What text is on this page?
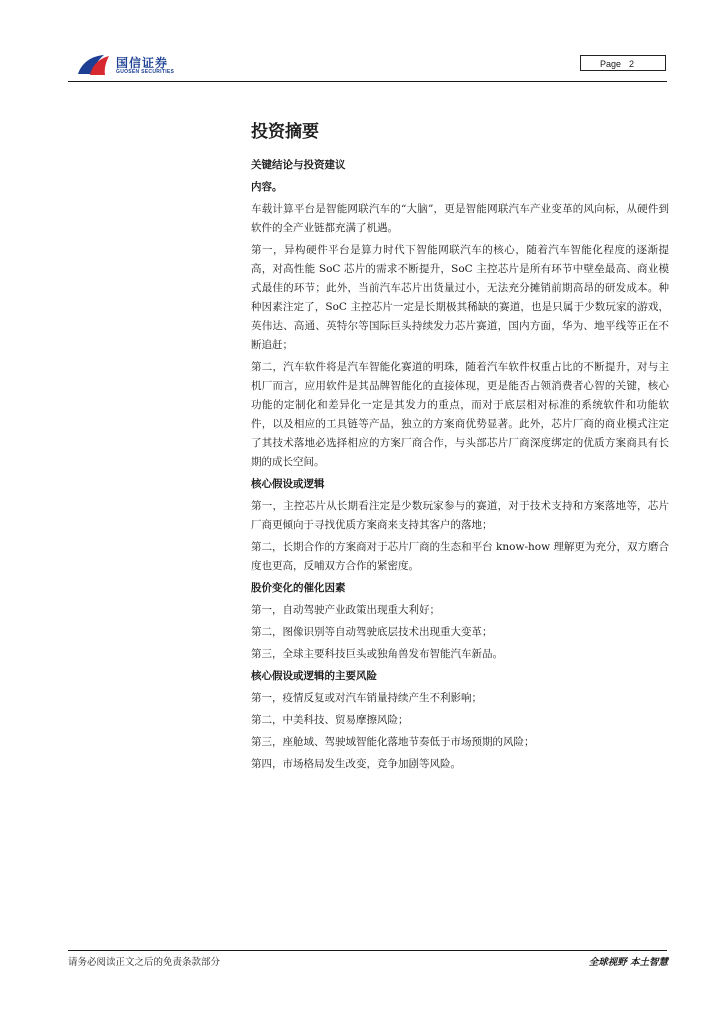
国信证券
GUOSEN SECURITIES
Page 2
投资摘要
关键结论与投资建议
内容。
车载计算平台是智能网联汽车的“大脑”，更是智能网联汽车产业变革的风向标，从硬件到软件的全产业链都充满了机遇。
第一，异构硬件平台是算力时代下智能网联汽车的核心，随着汽车智能化程度的逐渐提高，对高性能 SoC 芯片的需求不断提升，SoC 主控芯片是所有环节中壁垒最高、商业模式最佳的环节；此外，当前汽车芯片出货量过小，无法充分摊销前期高昂的研发成本。种种因素注定了，SoC 主控芯片一定是长期极其稀缺的赛道，也是只属于少数玩家的游戏，英伟达、高通、英特尔等国际巨头持续发力芯片赛道，国内方面，华为、地平线等正在不断追赶；
第二，汽车软件将是汽车智能化赛道的明珠，随着汽车软件权重占比的不断提升，对与主机厂而言，应用软件是其品牌智能化的直接体现，更是能否占领消费者心智的关键，核心功能的定制化和差异化一定是其发力的重点，而对于底层相对标准的系统软件和功能软件，以及相应的工具链等产品，独立的方案商优势显著。此外，芯片厂商的商业模式注定了其技术落地必选择相应的方案厂商合作，与头部芯片厂商深度绑定的优质方案商具有长期的成长空间。
核心假设或逻辑
第一，主控芯片从长期看注定是少数玩家参与的赛道，对于技术支持和方案落地等，芯片厂商更倾向于寻找优质方案商来支持其客户的落地；
第二，长期合作的方案商对于芯片厂商的生态和平台 know-how 理解更为充分，双方磨合度也更高，反哺双方合作的紧密度。
股价变化的催化因素
第一，自动驾驶产业政策出现重大利好；
第二，图像识别等自动驾驶底层技术出现重大变革；
第三，全球主要科技巨头或独角兽发布智能汽车新品。
核心假设或逻辑的主要风险
第一，疫情反复或对汽车销量持续产生不利影响；
第二，中美科技、贸易摩擦风险；
第三，座舱域、驾驶域智能化落地节奏低于市场预期的风险；
第四，市场格局发生改变，竞争加剧等风险。
请务必阅读正文之后的免责条款部分	全球视野 本土智慧
